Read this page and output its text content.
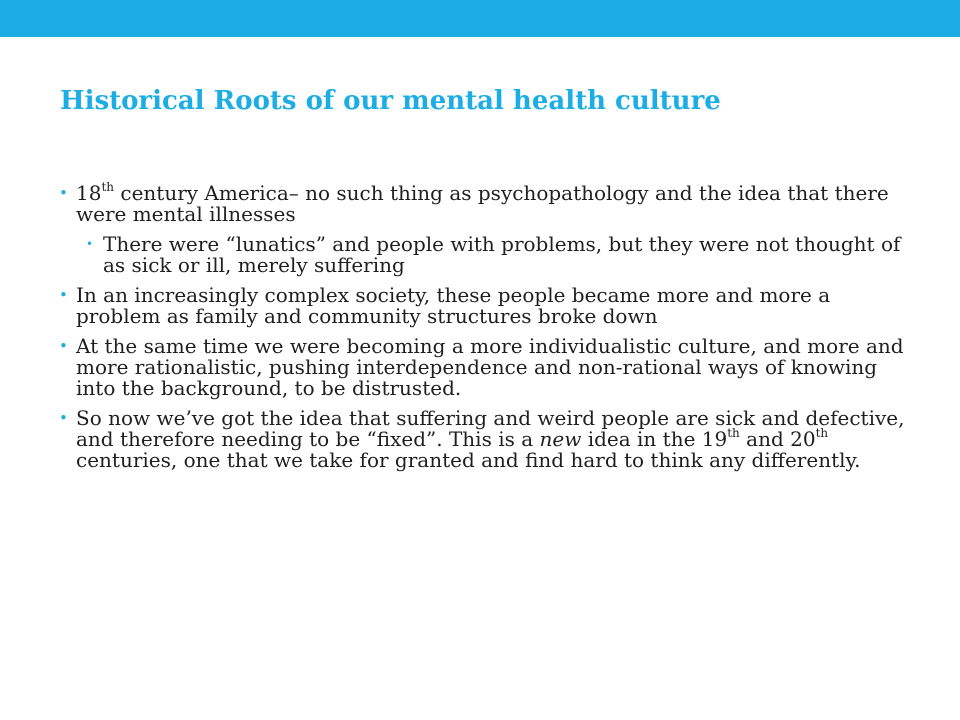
Historical Roots of our mental health culture
• 18th century America– no such thing as psychopathology and the idea that there were mental illnesses
• There were “lunatics” and people with problems, but they were not thought of as sick or ill, merely suffering
• In an increasingly complex society, these people became more and more a problem as family and community structures broke down
• At the same time we were becoming a more individualistic culture, and more and more rationalistic, pushing interdependence and non-rational ways of knowing into the background, to be distrusted.
• So now we’ve got the idea that suffering and weird people are sick and defective, and therefore needing to be “fixed”. This is a new idea in the 19th and 20th centuries, one that we take for granted and find hard to think any differently.
